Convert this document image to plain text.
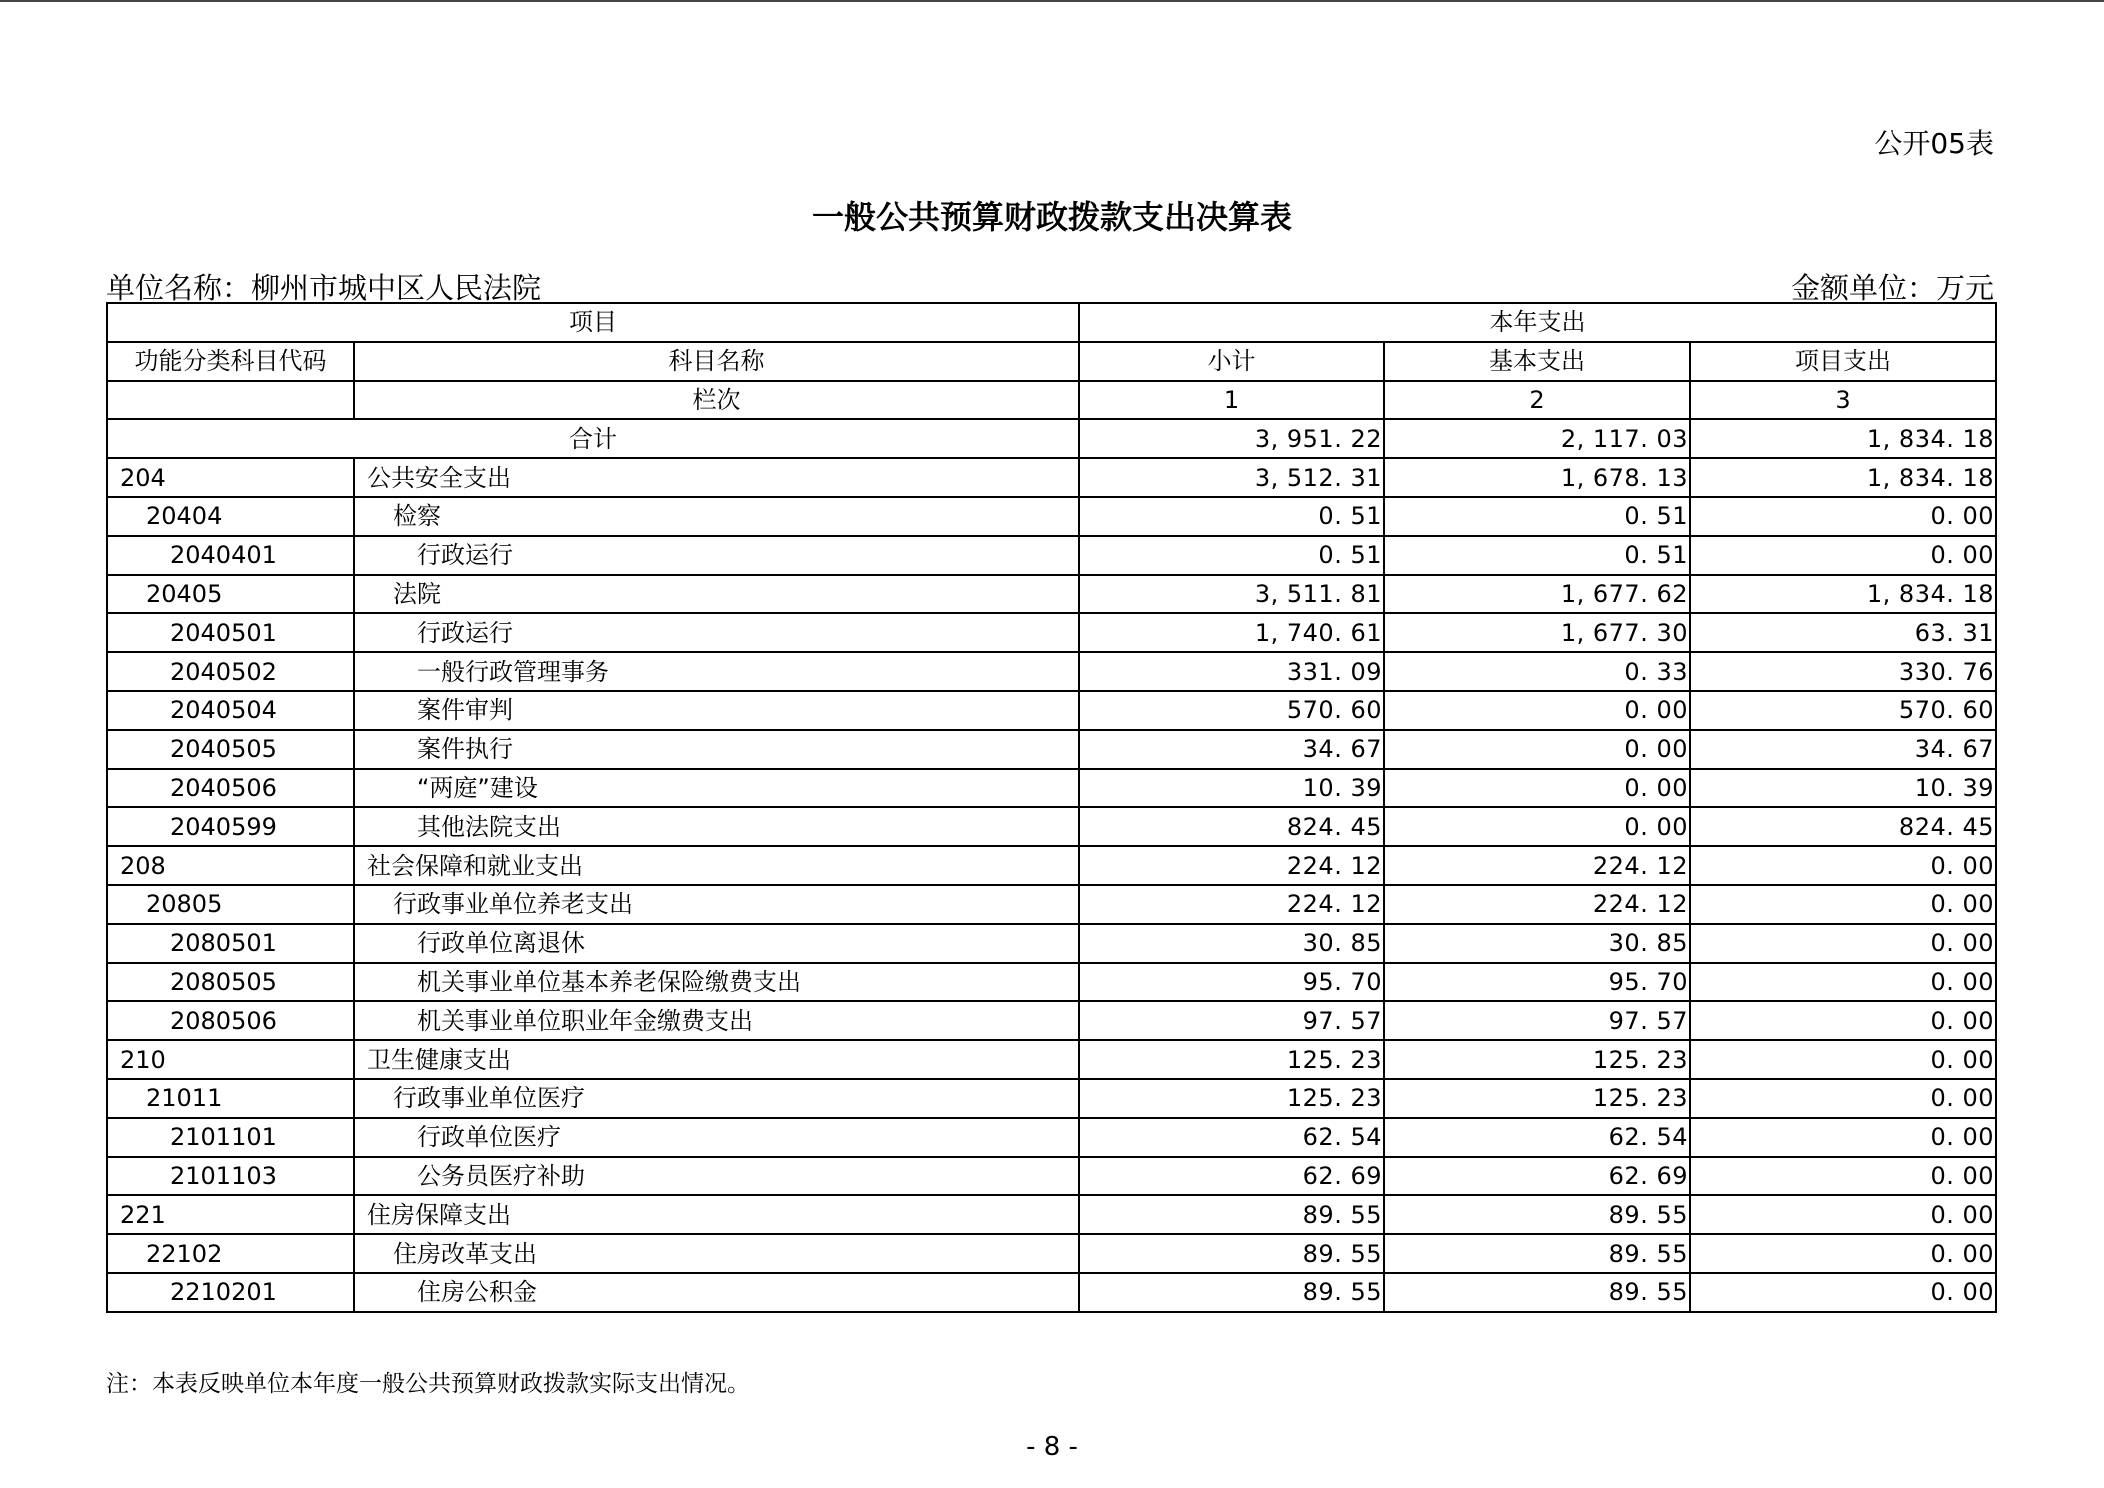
公开05表
一般公共预算财政拨款支出决算表
单位名称：柳州市城中区人民法院	金额单位：万元
项目		本年支出		
功能分类科目代码	科目名称	小计	基本支出	项目支出
	栏次	1	2	3
合计		3, 951. 22	2, 117. 03	1, 834. 18
204	公共安全支出	3, 512. 31	1, 678. 13	1, 834. 18
20404	检察	0. 51	0. 51	0. 00
2040401	行政运行	0. 51	0. 51	0. 00
20405	法院	3, 511. 81	1, 677. 62	1, 834. 18
2040501	行政运行	1, 740. 61	1, 677. 30	63. 31
2040502	一般行政管理事务	331. 09	0. 33	330. 76
2040504	案件审判	570. 60	0. 00	570. 60
2040505	案件执行	34. 67	0. 00	34. 67
2040506	“两庭”建设	10. 39	0. 00	10. 39
2040599	其他法院支出	824. 45	0. 00	824. 45
208	社会保障和就业支出	224. 12	224. 12	0. 00
20805	行政事业单位养老支出	224. 12	224. 12	0. 00
2080501	行政单位离退休	30. 85	30. 85	0. 00
2080505	机关事业单位基本养老保险缴费支出	95. 70	95. 70	0. 00
2080506	机关事业单位职业年金缴费支出	97. 57	97. 57	0. 00
210	卫生健康支出	125. 23	125. 23	0. 00
21011	行政事业单位医疗	125. 23	125. 23	0. 00
2101101	行政单位医疗	62. 54	62. 54	0. 00
2101103	公务员医疗补助	62. 69	62. 69	0. 00
221	住房保障支出	89. 55	89. 55	0. 00
22102	住房改革支出	89. 55	89. 55	0. 00
2210201	住房公积金	89. 55	89. 55	0. 00
注：本表反映单位本年度一般公共预算财政拨款实际支出情况。
- 8 -
